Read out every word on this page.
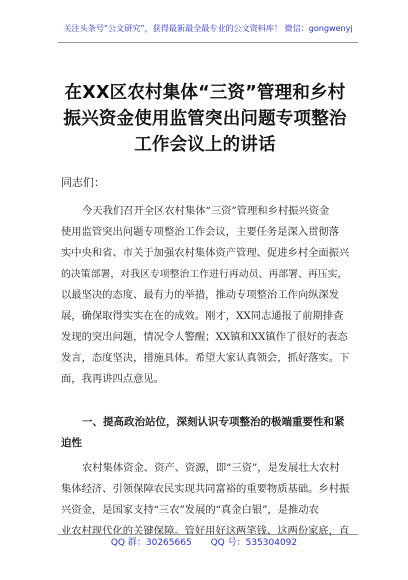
关注头条号“公文研究”，获得最新最全最专业的公文资料库！ 微信：gongwenyj
在XX区农村集体“三资”管理和乡村
振兴资金使用监管突出问题专项整治
工作会议上的讲话
同志们：
今天我们召开全区农村集体“三资”管理和乡村振兴资金
使用监管突出问题专项整治工作会议，主要任务是深入贯彻落
实中央和省、市关于加强农村集体资产管理、促进乡村全面振兴
的决策部署，对我区专项整治工作进行再动员、再部署、再压实，
以最坚决的态度、最有力的举措，推动专项整治工作向纵深发
展，确保取得实实在在的成效。刚才，XX同志通报了前期排查
发现的突出问题，情况令人警醒；XX镇和XX镇作了很好的表态
发言，态度坚决，措施具体。希望大家认真领会，抓好落实。下
面，我再讲四点意见。
一、提高政治站位，深刻认识专项整治的极端重要性和紧
迫性
农村集体资金、资产、资源，即“三资”，是发展壮大农村
集体经济、引领保障农民实现共同富裕的重要物质基础。乡村振
兴资金，是国家支持“三农”发展的“真金白银”，是推动农
业农村现代化的关键保障。管好用好这两笔钱、这两份家底，直
QQ 群：30265665 QQ 号：535304092
